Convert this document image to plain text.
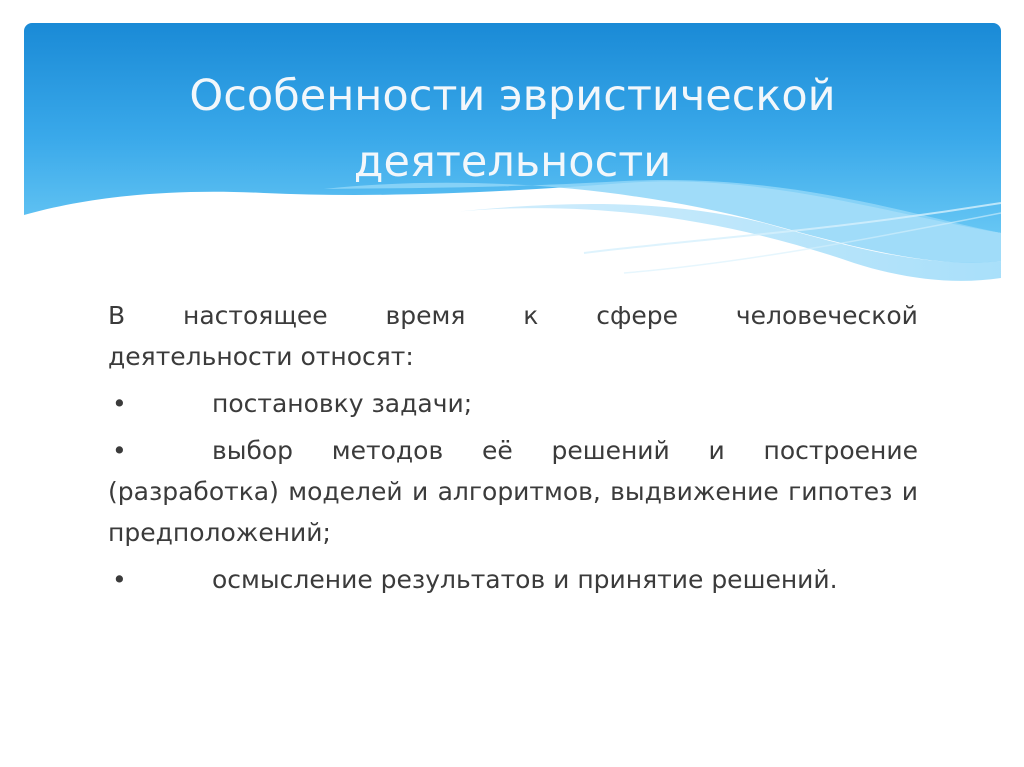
Особенности эвристической
деятельности
В настоящее время к сфере человеческой
деятельности относят:
•	постановку задачи;
•	выбор методов её решений и построение (разработка) моделей и алгоритмов, выдвижение гипотез и предположений;
•	осмысление результатов и принятие решений.
